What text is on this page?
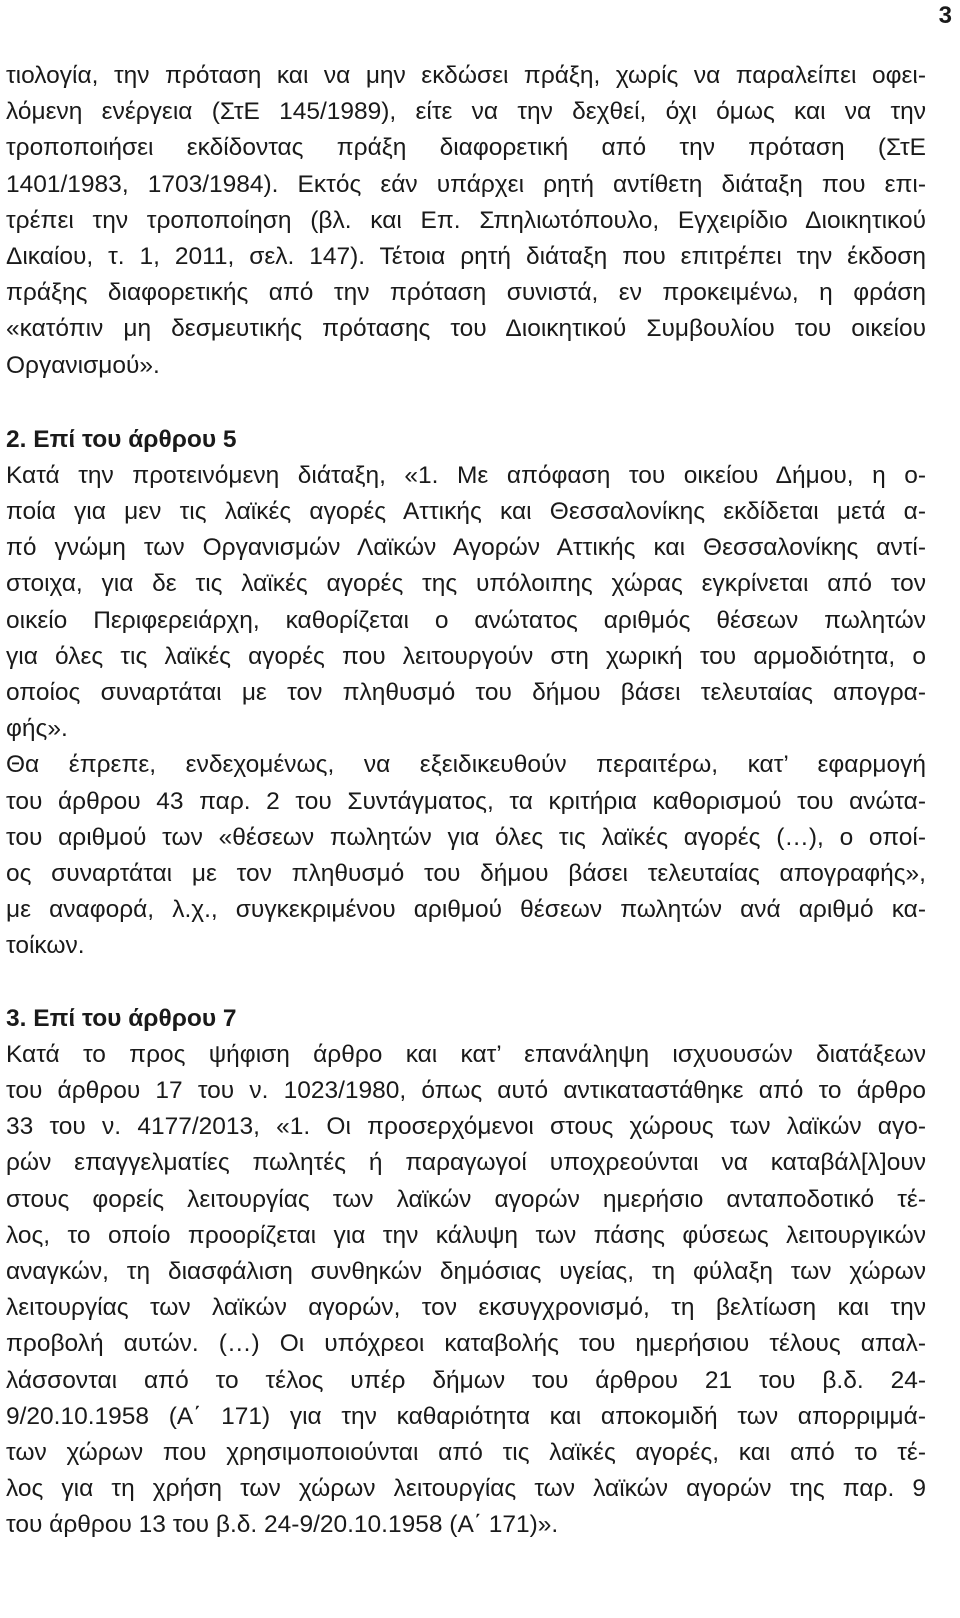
3
τιολογία, την πρόταση και να μην εκδώσει πράξη, χωρίς να παραλείπει οφει-
λόμενη ενέργεια (ΣτΕ 145/1989), είτε να την δεχθεί, όχι όμως και να την
τροποποιήσει εκδίδοντας πράξη διαφορετική από την πρόταση (ΣτΕ
1401/1983, 1703/1984). Εκτός εάν υπάρχει ρητή αντίθετη διάταξη που επι-
τρέπει την τροποποίηση (βλ. και Επ. Σπηλιωτόπουλο, Εγχειρίδιο Διοικητικού
Δικαίου, τ. 1, 2011, σελ. 147). Τέτοια ρητή διάταξη που επιτρέπει την έκδοση
πράξης διαφορετικής από την πρόταση συνιστά, εν προκειμένω, η φράση
«κατόπιν μη δεσμευτικής πρότασης του Διοικητικού Συμβουλίου του οικείου
Οργανισμού».
2. Επί του άρθρου 5
Κατά την προτεινόμενη διάταξη, «1. Με απόφαση του οικείου Δήμου, η ο-
ποία για μεν τις λαϊκές αγορές Αττικής και Θεσσαλονίκης εκδίδεται μετά α-
πό γνώμη των Οργανισμών Λαϊκών Αγορών Αττικής και Θεσσαλονίκης αντί-
στοιχα, για δε τις λαϊκές αγορές της υπόλοιπης χώρας εγκρίνεται από τον
οικείο Περιφερειάρχη, καθορίζεται ο ανώτατος αριθμός θέσεων πωλητών
για όλες τις λαϊκές αγορές που λειτουργούν στη χωρική του αρμοδιότητα, ο
οποίος συναρτάται με τον πληθυσμό του δήμου βάσει τελευταίας απογρα-
φής».
Θα έπρεπε, ενδεχομένως, να εξειδικευθούν περαιτέρω, κατ’ εφαρμογή
του άρθρου 43 παρ. 2 του Συντάγματος, τα κριτήρια καθορισμού του ανώτα-
του αριθμού των «θέσεων πωλητών για όλες τις λαϊκές αγορές (…), ο οποί-
ος συναρτάται με τον πληθυσμό του δήμου βάσει τελευταίας απογραφής»,
με αναφορά, λ.χ., συγκεκριμένου αριθμού θέσεων πωλητών ανά αριθμό κα-
τοίκων.
3. Επί του άρθρου 7
Κατά το προς ψήφιση άρθρο και κατ’ επανάληψη ισχυουσών διατάξεων
του άρθρου 17 του ν. 1023/1980, όπως αυτό αντικαταστάθηκε από το άρθρο
33 του ν. 4177/2013, «1. Οι προσερχόμενοι στους χώρους των λαϊκών αγο-
ρών επαγγελματίες πωλητές ή παραγωγοί υποχρεούνται να καταβάλ[λ]ουν
στους φορείς λειτουργίας των λαϊκών αγορών ημερήσιο ανταποδοτικό τέ-
λος, το οποίο προορίζεται για την κάλυψη των πάσης φύσεως λειτουργικών
αναγκών, τη διασφάλιση συνθηκών δημόσιας υγείας, τη φύλαξη των χώρων
λειτουργίας των λαϊκών αγορών, τον εκσυγχρονισμό, τη βελτίωση και την
προβολή αυτών. (…) Οι υπόχρεοι καταβολής του ημερήσιου τέλους απαλ-
λάσσονται από το τέλος υπέρ δήμων του άρθρου 21 του β.δ. 24-
9/20.10.1958 (Α΄ 171) για την καθαριότητα και αποκομιδή των απορριμμά-
των χώρων που χρησιμοποιούνται από τις λαϊκές αγορές, και από το τέ-
λος για τη χρήση των χώρων λειτουργίας των λαϊκών αγορών της παρ. 9
του άρθρου 13 του β.δ. 24-9/20.10.1958 (Α΄ 171)».
